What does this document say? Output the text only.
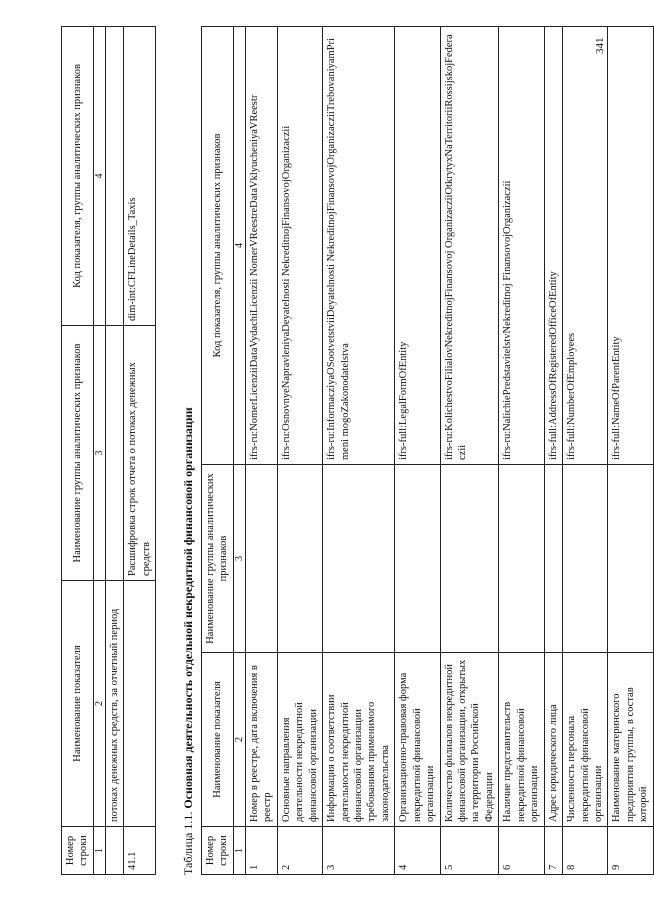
341
Номер строки	Наименование показателя	Наименование группы аналитических признаков	Код показателя, группы аналитических признаков
1	2	3	4
	потоках денежных средств, за отчетный период		
41.1		Расшифровка строк отчета о потоках денежных средств	dim-int:CFLineDetails_Taxis
Таблица 1.1. Основная деятельность отдельной некредитной финансовой организации
Номер строки	Наименование показателя	Наименование группы аналитических признаков	Код показателя, группы аналитических признаков
1	2	3	4
1	Номер в реестре, дата включения в реестр		ifrs-ru:NomerLicenziiDataVydachiLicenzii NomerVReestreDataVklyucheniyaVReestr
2	Основные направления деятельности некредитной финансовой организации		ifrs-ru:OsnovnyeNapravleniyaDeyatelnosti NekreditnojFinansovojOrganizaczii
3	Информация о соответствии деятельности некредитной финансовой организации требованиям применимого законодательства		ifrs-ru:InformacziyaOSootvetstviiDeyatelnosti NekreditnojFinansovojOrganizacziiTrebovaniyamPrimeni mogoZakonodatelstva
4	Организационно-правовая форма некредитной финансовой организации		ifrs-full:LegalFormOfEntity
5	Количество филиалов некредитной финансовой организации, открытых на территории Российской Федерации		ifrs-ru:KolichestvoFilialovNekreditnojFinansovoj OrganizacziiOtkrytyxNaTerritoriiRossijskojFederaczii
6	Наличие представительств некредитной финансовой организации		ifrs-ru:NalichiePredstavitelstvNekreditnoj FinansovojOrganizaczii
7	Адрес юридического лица		ifrs-full:AddressOfRegisteredOfficeOfEntity
8	Численность персонала некредитной финансовой организации		ifrs-full:NumberOfEmployees
9	Наименование материнского предприятия группы, в состав которой		ifrs-full:NameOfParentEntity
